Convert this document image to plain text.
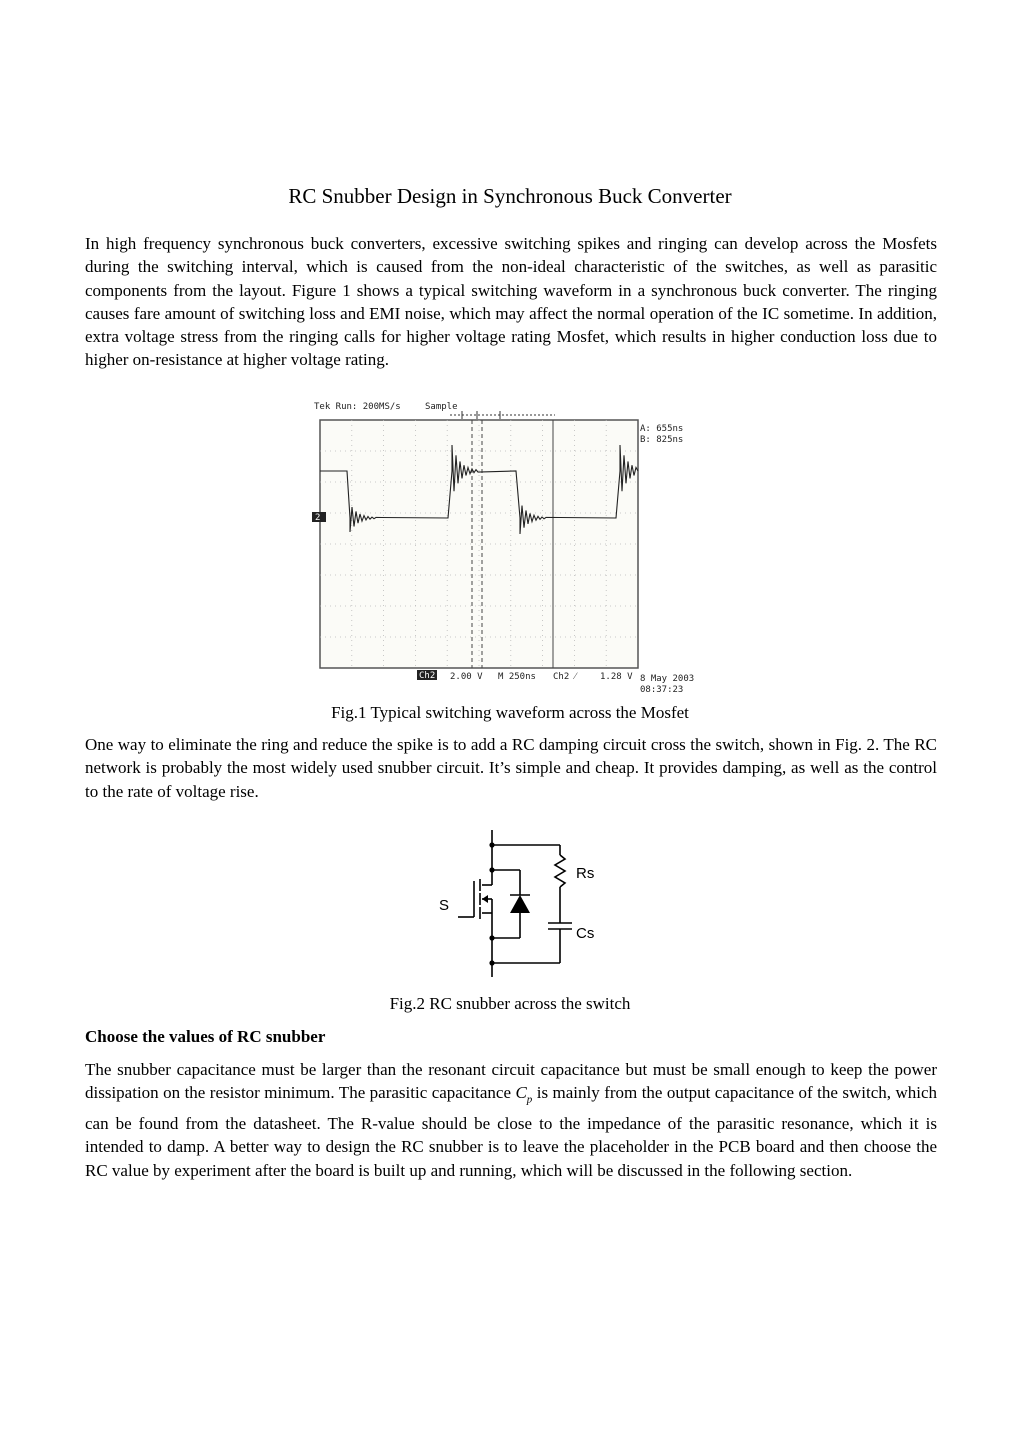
RC Snubber Design in Synchronous Buck Converter
In high frequency synchronous buck converters, excessive switching spikes and ringing can develop across the Mosfets during the switching interval, which is caused from the non-ideal characteristic of the switches, as well as parasitic components from the layout. Figure 1 shows a typical switching waveform in a synchronous buck converter. The ringing causes fare amount of switching loss and EMI noise, which may affect the normal operation of the IC sometime. In addition, extra voltage stress from the ringing calls for higher voltage rating Mosfet, which results in higher conduction loss due to higher on-resistance at higher voltage rating.
Tek Run: 200MS/s	Sample
2
A: 655ns
B: 825ns
Ch2 2.00 V M 250ns Ch2 ⁄	1.28 V 8 May 2003
08:37:23
Fig.1 Typical switching waveform across the Mosfet
One way to eliminate the ring and reduce the spike is to add a RC damping circuit cross the switch, shown in Fig. 2. The RC network is probably the most widely used snubber circuit. It’s simple and cheap. It provides damping, as well as the control to the rate of voltage rise.
S
Rs
Cs
Fig.2 RC snubber across the switch
Choose the values of RC snubber
The snubber capacitance must be larger than the resonant circuit capacitance but must be small enough to keep the power dissipation on the resistor minimum. The parasitic capacitance $C_p$ is mainly from the output capacitance of the switch, which can be found from the datasheet. The R-value should be close to the impedance of the parasitic resonance, which it is intended to damp. A better way to design the RC snubber is to leave the placeholder in the PCB board and then choose the RC value by experiment after the board is built up and running, which will be discussed in the following section.
